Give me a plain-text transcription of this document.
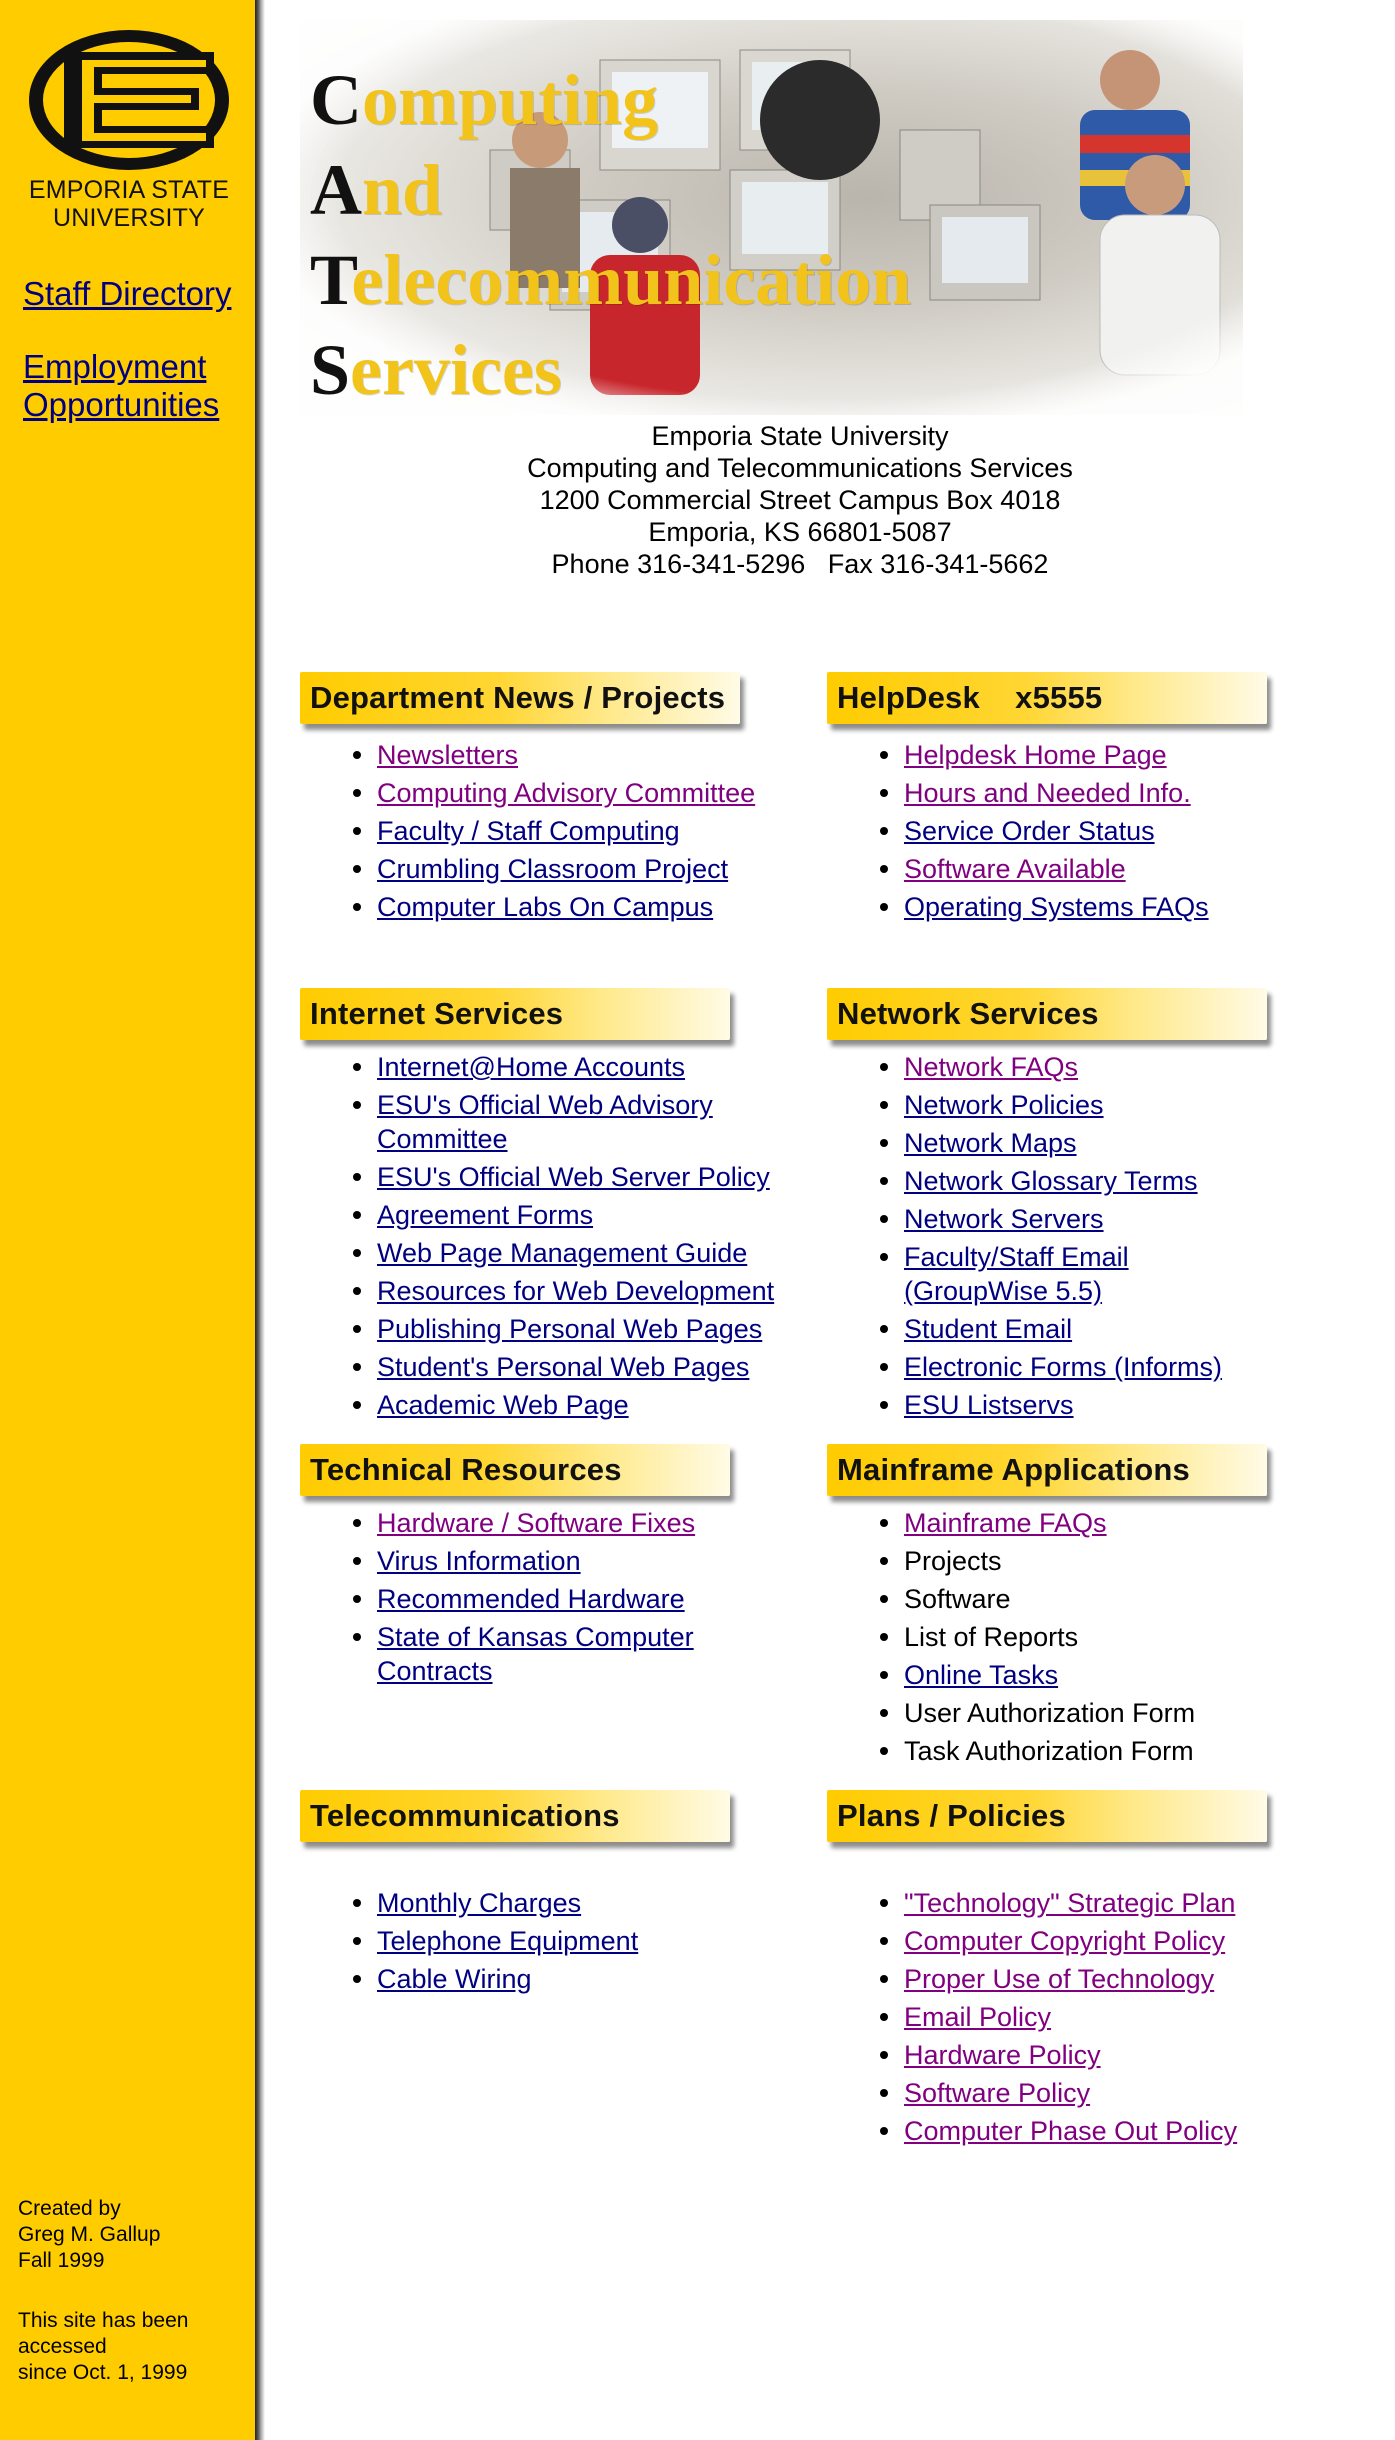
EMPORIA STATE
UNIVERSITY
Staff Directory
Employment
Opportunities
Created by
Greg M. Gallup
Fall 1999
This site has been
accessed
since Oct. 1, 1999
Computing
And
Telecommunication
Services
Emporia State University
Computing and Telecommunications Services
1200 Commercial Street Campus Box 4018
Emporia, KS 66801-5087
Phone 316-341-5296   Fax 316-341-5662
Department News / Projects
Newsletters
Computing Advisory Committee
Faculty / Staff Computing
Crumbling Classroom Project
Computer Labs On Campus
HelpDesk    x5555
Helpdesk Home Page
Hours and Needed Info.
Service Order Status
Software Available
Operating Systems FAQs
Internet Services
Internet@Home Accounts
ESU's Official Web Advisory
Committee
ESU's Official Web Server Policy
Agreement Forms
Web Page Management Guide
Resources for Web Development
Publishing Personal Web Pages
Student's Personal Web Pages
Academic Web Page
Network Services
Network FAQs
Network Policies
Network Maps
Network Glossary Terms
Network Servers
Faculty/Staff Email
(GroupWise 5.5)
Student Email
Electronic Forms (Informs)
ESU Listservs
Technical Resources
Hardware / Software Fixes
Virus Information
Recommended Hardware
State of Kansas Computer
Contracts
Mainframe Applications
Mainframe FAQs
Projects
Software
List of Reports
Online Tasks
User Authorization Form
Task Authorization Form
Telecommunications
Monthly Charges
Telephone Equipment
Cable Wiring
Plans / Policies
"Technology" Strategic Plan
Computer Copyright Policy
Proper Use of Technology
Email Policy
Hardware Policy
Software Policy
Computer Phase Out Policy
